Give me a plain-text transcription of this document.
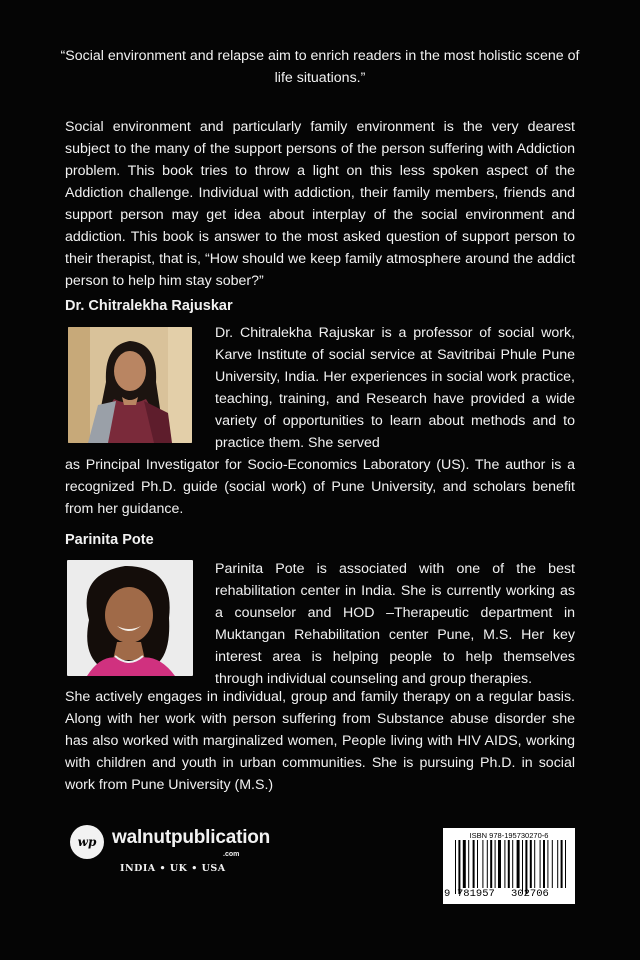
“Social environment and relapse aim to enrich readers in the most holistic scene of life situations.”
Social environment and particularly family environment is the very dearest subject to the many of the support persons of the person suffering with Addiction problem. This book tries to throw a light on this less spoken aspect of the Addiction challenge. Individual with addiction, their family members, friends and support person may get idea about interplay of the social environment and addiction. This book is answer to the most asked question of support person to their therapist, that is, “How should we keep family atmosphere around the addict person to help him stay sober?”
Dr. Chitralekha Rajuskar
Dr. Chitralekha Rajuskar is a professor of social work, Karve Institute of social service at Savitribai Phule Pune University, India. Her experiences in social work practice, teaching, training, and Research have provided a wide variety of opportunities to learn about methods and to practice them. She served
as Principal Investigator for Socio-Economics Laboratory (US). The author is a recognized Ph.D. guide (social work) of Pune University, and scholars benefit from her guidance.
Parinita Pote
Parinita Pote is associated with one of the best rehabilitation center in India. She is currently working as a counselor and HOD –Therapeutic department in Muktangan Rehabilitation center Pune, M.S. Her key interest area is helping people to help themselves through individual counseling and group therapies.
She actively engages in individual, group and family therapy on a regular basis. Along with her work with person suffering from Substance abuse disorder she has also worked with marginalized women, People living with HIV AIDS, working with children and youth in urban communities. She is pursuing Ph.D. in social work from Pune University (M.S.)
wp walnutpublication
.com
INDIA • UK • USA
ISBN 978-195730270-6
9 781957 302706
